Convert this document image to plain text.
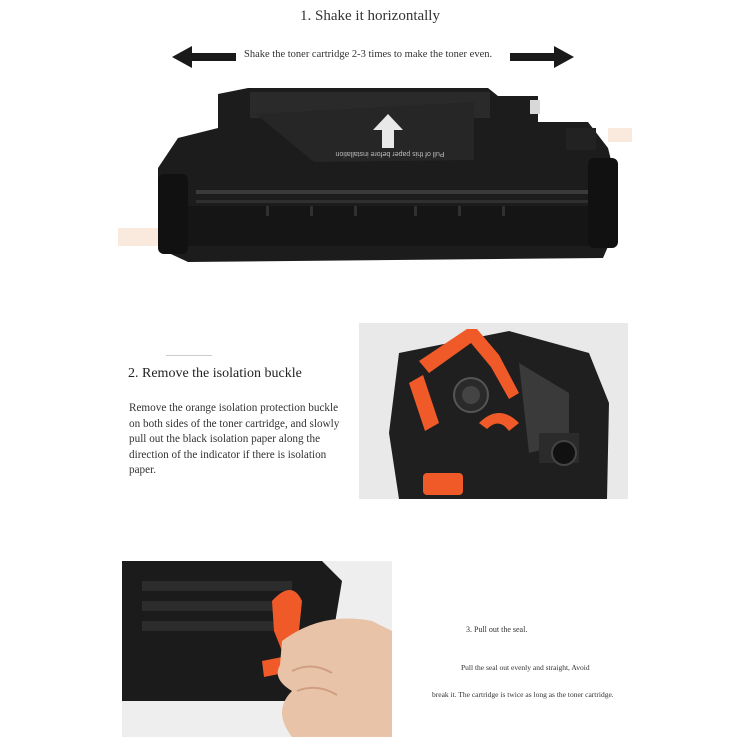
1. Shake it horizontally
Shake the toner cartridge 2-3 times to make the toner even.
Pull of this paper before installation
2. Remove the isolation buckle
Remove the orange isolation protection buckle on both sides of the toner cartridge, and slowly pull out the black isolation paper along the direction of the indicator if there is isolation paper.
3. Pull out the seal.
Pull the seal out evenly and straight, Avoid
break it. The cartridge is twice as long as the toner cartridge.
